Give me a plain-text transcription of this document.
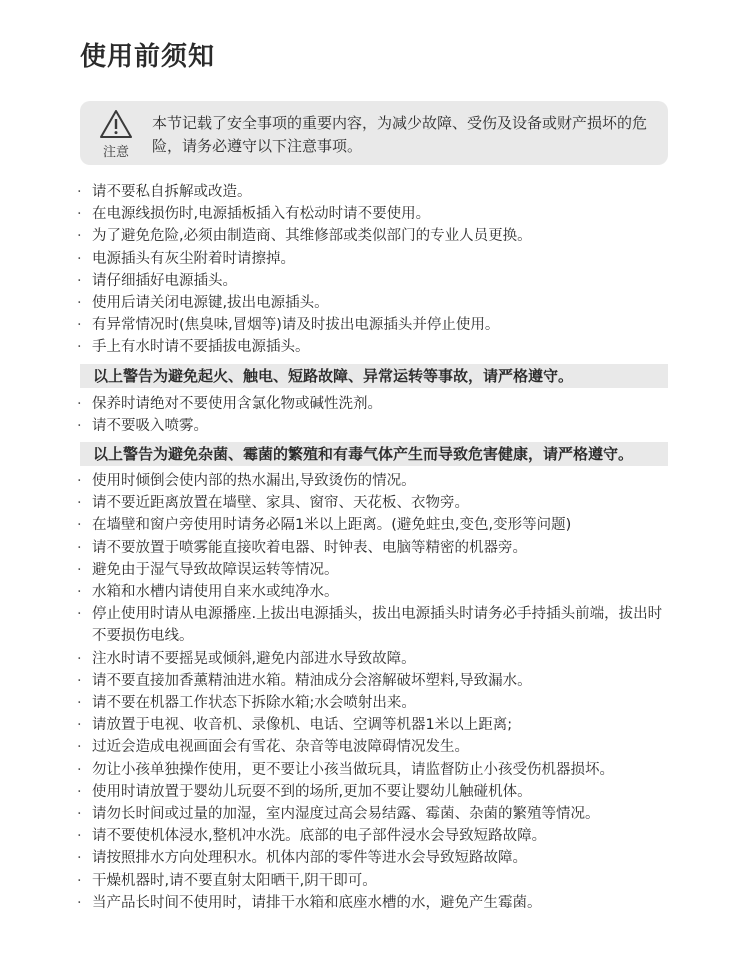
使用前须知
注意
本节记载了安全事项的重要内容，为减少故障、受伤及设备或财产损坏的危险，请务必遵守以下注意事项。
· 请不要私自拆解或改造。
· 在电源线损伤时,电源插板插入有松动时请不要使用。
· 为了避免危险,必须由制造商、其维修部或类似部门的专业人员更换。
· 电源插头有灰尘附着时请擦掉。
· 请仔细插好电源插头。
· 使用后请关闭电源键,拔出电源插头。
· 有异常情况时(焦臭味,冒烟等)请及时拔出电源插头并停止使用。
· 手上有水时请不要插拔电源插头。
以上警告为避免起火、触电、短路故障、异常运转等事故，请严格遵守。
· 保养时请绝对不要使用含氯化物或碱性洗剂。
· 请不要吸入喷雾。
以上警告为避免杂菌、霉菌的繁殖和有毒气体产生而导致危害健康，请严格遵守。
· 使用时倾倒会使内部的热水漏出,导致烫伤的情况。
· 请不要近距离放置在墙壁、家具、窗帘、天花板、衣物旁。
· 在墙壁和窗户旁使用时请务必隔1米以上距离。(避免蛀虫,变色,变形等问题)
· 请不要放置于喷雾能直接吹着电器、时钟表、电脑等精密的机器旁。
· 避免由于湿气导致故障误运转等情况。
· 水箱和水槽内请使用自来水或纯净水。
· 停止使用时请从电源播座.上拔出电源插头，拔出电源插头时请务必手持插头前端，拔出时不要损伤电线。
· 注水时请不要摇晃或倾斜,避免内部进水导致故障。
· 请不要直接加香薰精油进水箱。精油成分会溶解破坏塑料,导致漏水。
· 请不要在机器工作状态下拆除水箱;水会喷射出来。
· 请放置于电视、收音机、录像机、电话、空调等机器1米以上距离;
· 过近会造成电视画面会有雪花、杂音等电波障碍情况发生。
· 勿让小孩单独操作使用，更不要让小孩当做玩具，请监督防止小孩受伤机器损坏。
· 使用时请放置于婴幼儿玩耍不到的场所,更加不要让婴幼儿触碰机体。
· 请勿长时间或过量的加湿，室内湿度过高会易结露、霉菌、杂菌的繁殖等情况。
· 请不要使机体浸水,整机冲水洗。底部的电子部件浸水会导致短路故障。
· 请按照排水方向处理积水。机体内部的零件等进水会导致短路故障。
· 干燥机器时,请不要直射太阳晒干,阴干即可。
· 当产品长时间不使用时，请排干水箱和底座水槽的水，避免产生霉菌。
